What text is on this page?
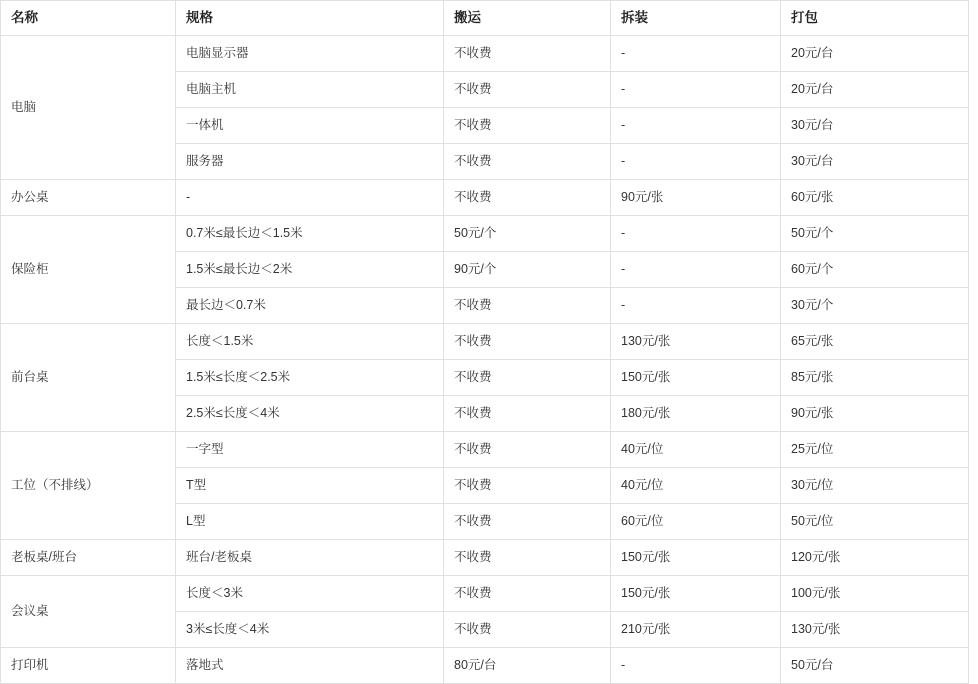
名称	规格	搬运	拆装	打包
电脑	电脑显示器	不收费	-	20元/台
	电脑主机	不收费	-	20元/台
	一体机	不收费	-	30元/台
	服务器	不收费	-	30元/台
办公桌	-	不收费	90元/张	60元/张
保险柜	0.7米≤最长边＜1.5米	50元/个	-	50元/个
	1.5米≤最长边＜2米	90元/个	-	60元/个
	最长边＜0.7米	不收费	-	30元/个
前台桌	长度＜1.5米	不收费	130元/张	65元/张
	1.5米≤长度＜2.5米	不收费	150元/张	85元/张
	2.5米≤长度＜4米	不收费	180元/张	90元/张
工位（不排线）	一字型	不收费	40元/位	25元/位
	T型	不收费	40元/位	30元/位
	L型	不收费	60元/位	50元/位
老板桌/班台	班台/老板桌	不收费	150元/张	120元/张
会议桌	长度＜3米	不收费	150元/张	100元/张
	3米≤长度＜4米	不收费	210元/张	130元/张
打印机	落地式	80元/台	-	50元/台
